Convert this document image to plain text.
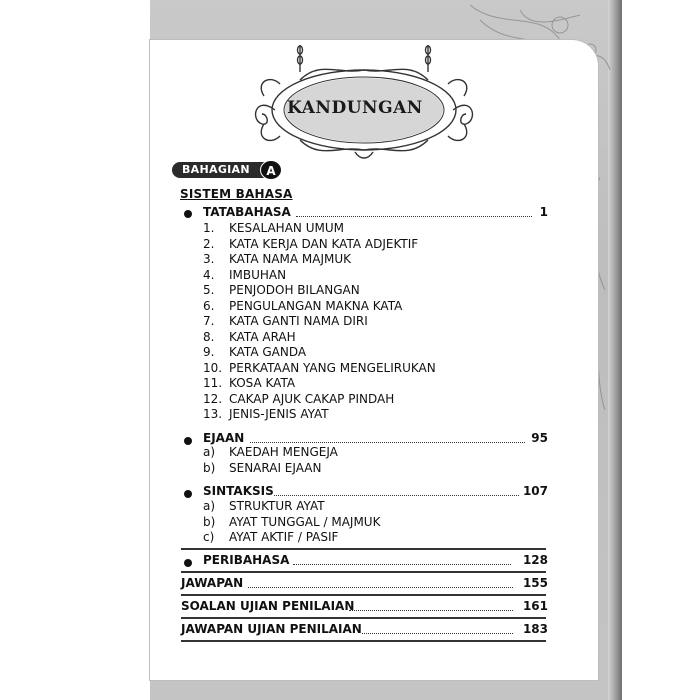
KANDUNGAN
BAHAGIAN	A
SISTEM BAHASA
TATABAHASA	1
1. KESALAHAN UMUM
2. KATA KERJA DAN KATA ADJEKTIF
3. KATA NAMA MAJMUK
4. IMBUHAN
5. PENJODOH BILANGAN
6. PENGULANGAN MAKNA KATA
7. KATA GANTI NAMA DIRI
8. KATA ARAH
9. KATA GANDA
10. PERKATAAN YANG MENGELIRUKAN
11. KOSA KATA
12. CAKAP AJUK CAKAP PINDAH
13. JENIS-JENIS AYAT
EJAAN	95
a) KAEDAH MENGEJA
b) SENARAI EJAAN
SINTAKSIS	107
a) STRUKTUR AYAT
b) AYAT TUNGGAL / MAJMUK
c) AYAT AKTIF / PASIF
PERIBAHASA	128
JAWAPAN	155
SOALAN UJIAN PENILAIAN	161
JAWAPAN UJIAN PENILAIAN	183
